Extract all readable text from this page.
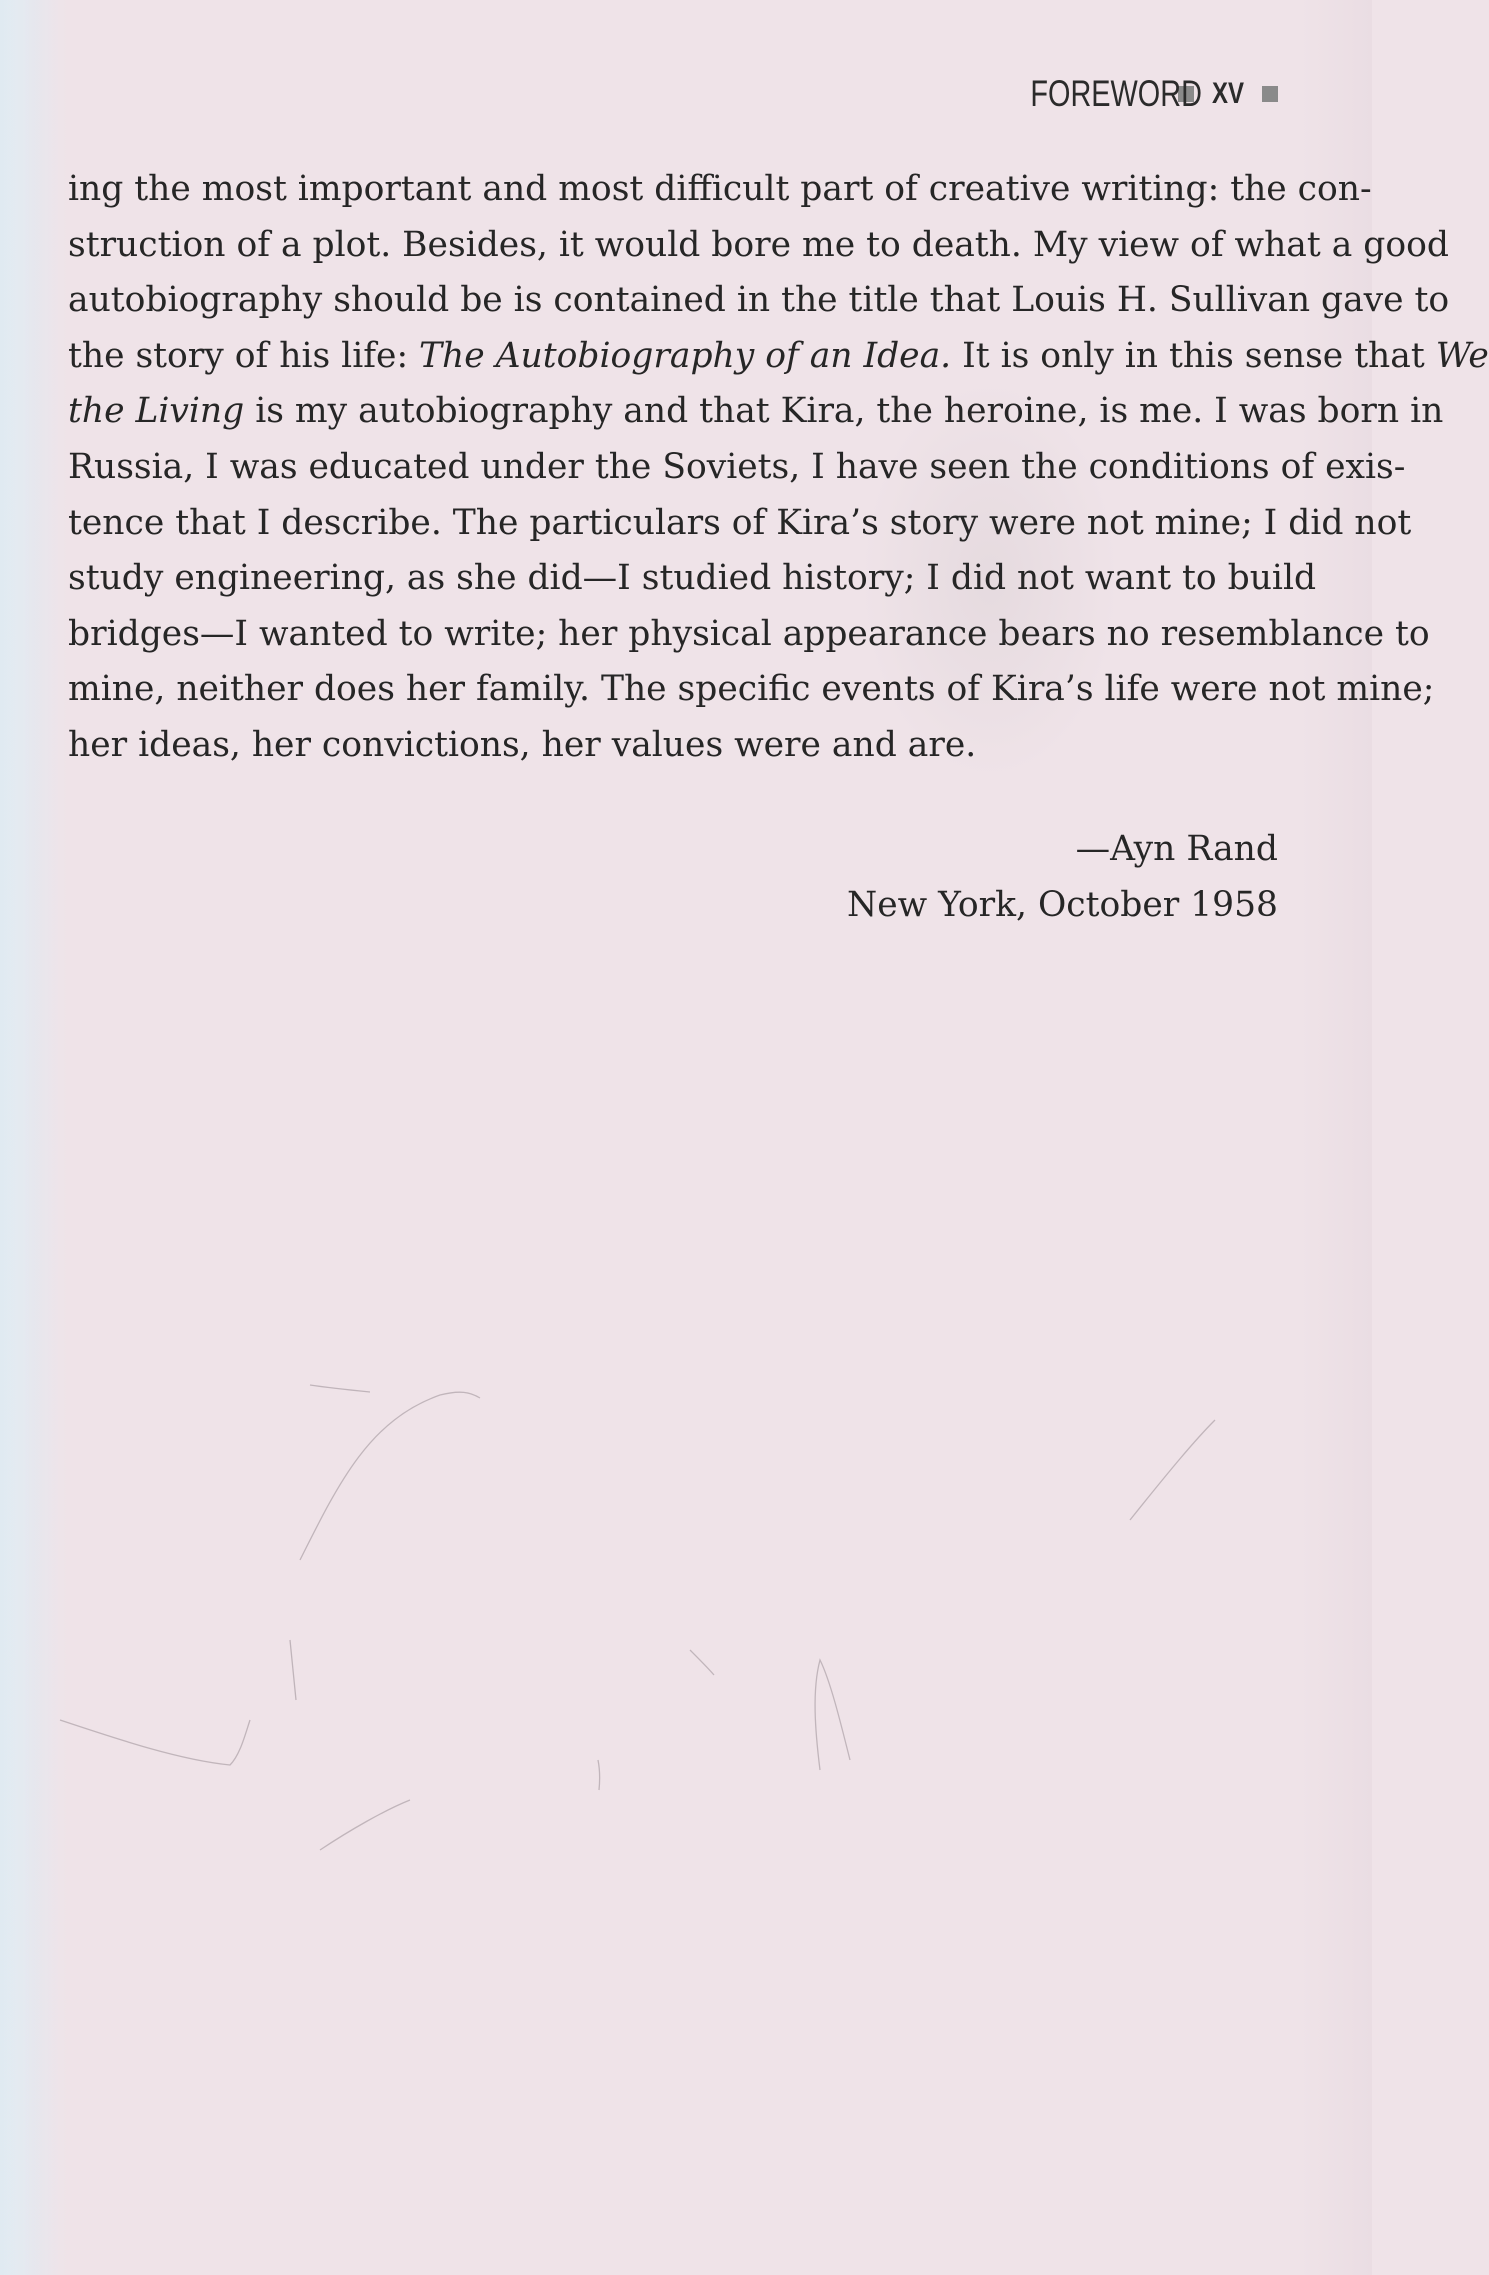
FOREWORD XV
ing the most important and most difficult part of creative writing: the con-
struction of a plot. Besides, it would bore me to death. My view of what a good
autobiography should be is contained in the title that Louis H. Sullivan gave to
the story of his life: The Autobiography of an Idea. It is only in this sense that We
the Living is my autobiography and that Kira, the heroine, is me. I was born in
Russia, I was educated under the Soviets, I have seen the conditions of exis-
tence that I describe. The particulars of Kira’s story were not mine; I did not
study engineering, as she did—I studied history; I did not want to build
bridges—I wanted to write; her physical appearance bears no resemblance to
mine, neither does her family. The specific events of Kira’s life were not mine;
her ideas, her convictions, her values were and are.
—Ayn Rand
New York, October 1958
